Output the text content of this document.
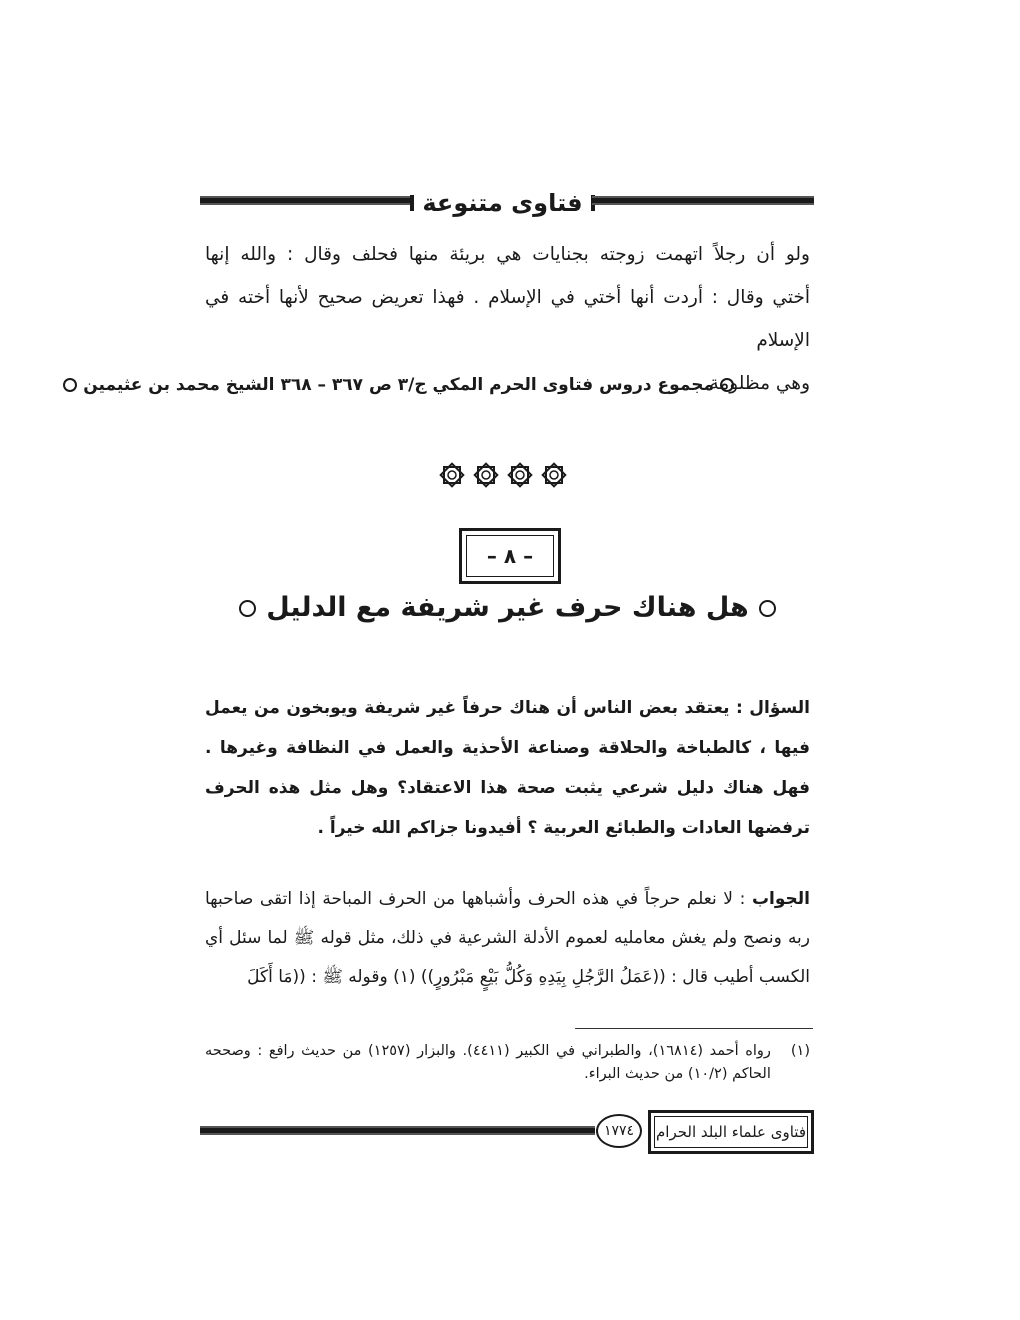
فتاوى متنوعة
ولو أن رجلاً اتهمت زوجته بجنايات هي بريئة منها فحلف وقال : والله إنها
أختي وقال : أردت أنها أختي في الإسلام . فهذا تعريض صحيح لأنها أخته في الإسلام
وهي مظلومة.
مجموع دروس فتاوى الحرم المكي ج/٣ ص ٣٦٧ – ٣٦٨ الشيخ محمد بن عثيمين
– ٨ –
هل هناك حرف غير شريفة مع الدليل
السؤال : يعتقد بعض الناس أن هناك حرفاً غير شريفة ويوبخون من يعمل فيها ، كالطباخة والحلاقة وصناعة الأحذية والعمل في النظافة وغيرها . فهل هناك دليل شرعي يثبت صحة هذا الاعتقاد؟ وهل مثل هذه الحرف ترفضها العادات والطبائع العربية ؟ أفيدونا جزاكم الله خيراً .
الجواب : لا نعلم حرجاً في هذه الحرف وأشباهها من الحرف المباحة إذا اتقى صاحبها ربه ونصح ولم يغش معامليه لعموم الأدلة الشرعية في ذلك، مثل قوله ﷺ لما سئل أي الكسب أطيب قال : ((عَمَلُ الرَّجُلِ بِيَدِهِ وَكُلُّ بَيْعٍ مَبْرُورٍ)) (١) وقوله ﷺ : ((مَا أَكَلَ
(١)
رواه أحمد (١٦٨١٤)، والطبراني في الكبير (٤٤١١). والبزار (١٢٥٧) من حديث رافع : وصححه الحاكم (١٠/٢) من حديث البراء.
١٧٧٤	فتاوى علماء البلد الحرام
